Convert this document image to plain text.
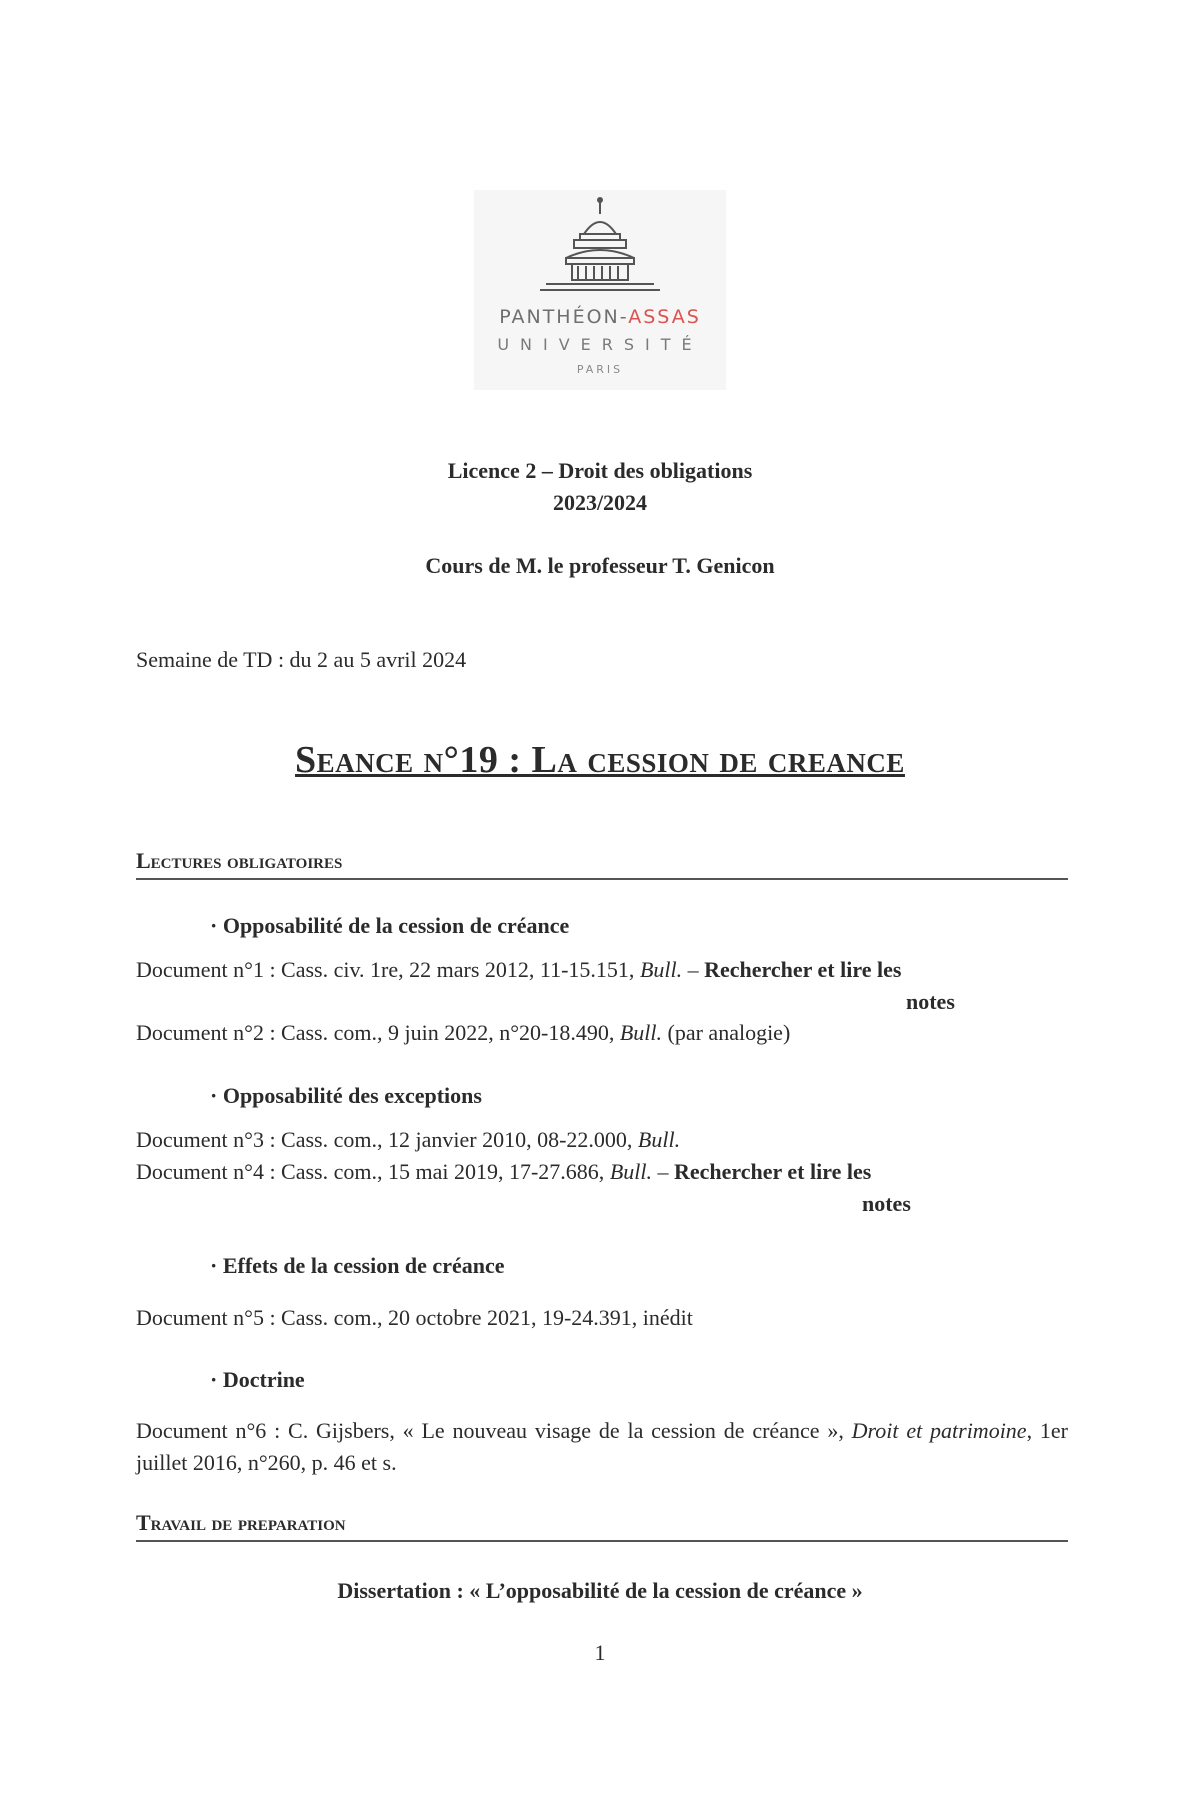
PANTHÉON-ASSAS
UNIVERSITÉ
PARIS
Licence 2 – Droit des obligations
2023/2024
Cours de M. le professeur T. Genicon
Semaine de TD : du 2 au 5 avril 2024
Seance n°19 : La cession de creance
Lectures obligatoires
· Opposabilité de la cession de créance
Document n°1 : Cass. civ. 1re, 22 mars 2012, 11-15.151, Bull. – Rechercher et lire les
notes
Document n°2 : Cass. com., 9 juin 2022, n°20-18.490, Bull. (par analogie)
· Opposabilité des exceptions
Document n°3 : Cass. com., 12 janvier 2010, 08-22.000, Bull.
Document n°4 : Cass. com., 15 mai 2019, 17-27.686, Bull. – Rechercher et lire les
notes
· Effets de la cession de créance
Document n°5 : Cass. com., 20 octobre 2021, 19-24.391, inédit
· Doctrine
Document n°6 : C. Gijsbers, « Le nouveau visage de la cession de créance », Droit et patrimoine, 1er juillet 2016, n°260, p. 46 et s.
Travail de preparation
Dissertation : « L’opposabilité de la cession de créance »
1
